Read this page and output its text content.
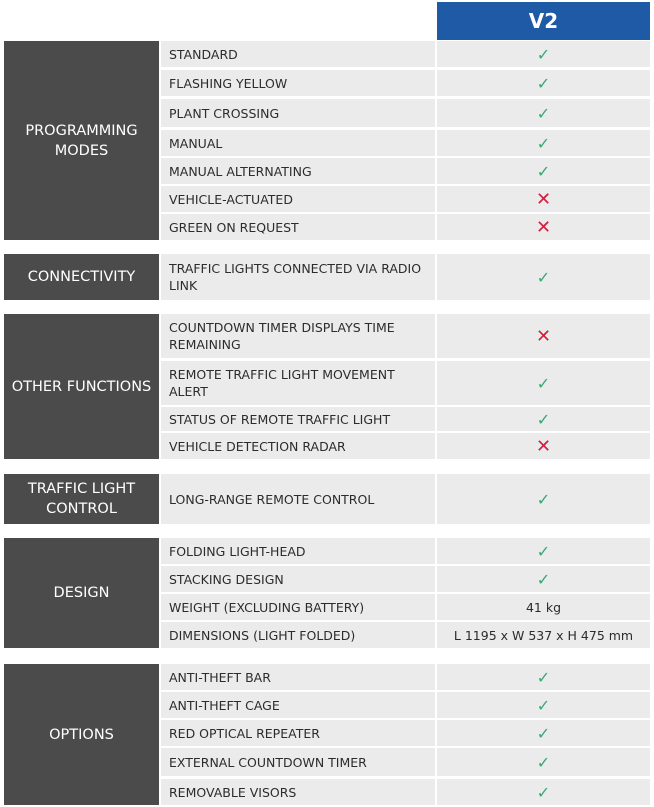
V2
PROGRAMMING
MODES
STANDARD	✓
FLASHING YELLOW	✓
PLANT CROSSING	✓
MANUAL	✓
MANUAL ALTERNATING	✓
VEHICLE-ACTUATED	✕
GREEN ON REQUEST	✕
CONNECTIVITY
TRAFFIC LIGHTS CONNECTED VIA RADIO LINK	✓
OTHER FUNCTIONS
COUNTDOWN TIMER DISPLAYS TIME REMAINING	✕
REMOTE TRAFFIC LIGHT MOVEMENT ALERT	✓
STATUS OF REMOTE TRAFFIC LIGHT	✓
VEHICLE DETECTION RADAR	✕
TRAFFIC LIGHT
CONTROL
LONG-RANGE REMOTE CONTROL	✓
DESIGN
FOLDING LIGHT-HEAD	✓
STACKING DESIGN	✓
WEIGHT (EXCLUDING BATTERY)	41 kg
DIMENSIONS (LIGHT FOLDED)	L 1195 x W 537 x H 475 mm
OPTIONS
ANTI-THEFT BAR	✓
ANTI-THEFT CAGE	✓
RED OPTICAL REPEATER	✓
EXTERNAL COUNTDOWN TIMER	✓
REMOVABLE VISORS	✓
